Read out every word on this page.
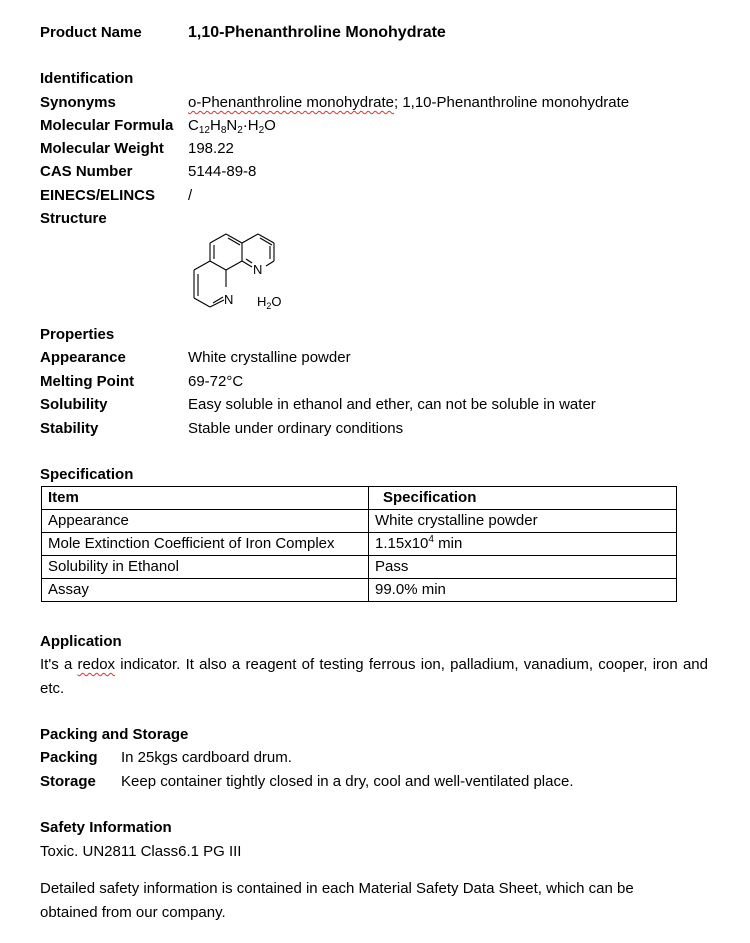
Product Name	1,10-Phenanthroline Monohydrate
Identification
Synonyms	o-Phenanthroline monohydrate; 1,10-Phenanthroline monohydrate
Molecular Formula $C_{12}H_8N_2\cdot H_2O$
Molecular Weight 198.22
CAS Number	5144-89-8
EINECS/ELINCS /
Structure
N
N $H_2O$
Properties
Appearance	White crystalline powder
Melting Point	69-72°C
Solubility	Easy soluble in ethanol and ether, can not be soluble in water
Stability	Stable under ordinary conditions
Specification
Item	Specification
Appearance	White crystalline powder
Mole Extinction Coefficient of Iron Complex	$1.15x10^4$ min
Solubility in Ethanol	Pass
Assay	99.0% min
Application
It's a redox indicator. It also a reagent of testing ferrous ion, palladium, vanadium, cooper, iron and etc.
Packing and Storage
Packing In 25kgs cardboard drum.
Storage Keep container tightly closed in a dry, cool and well-ventilated place.
Safety Information
Toxic. UN2811 Class6.1 PG III
Detailed safety information is contained in each Material Safety Data Sheet, which can be obtained from our company.
